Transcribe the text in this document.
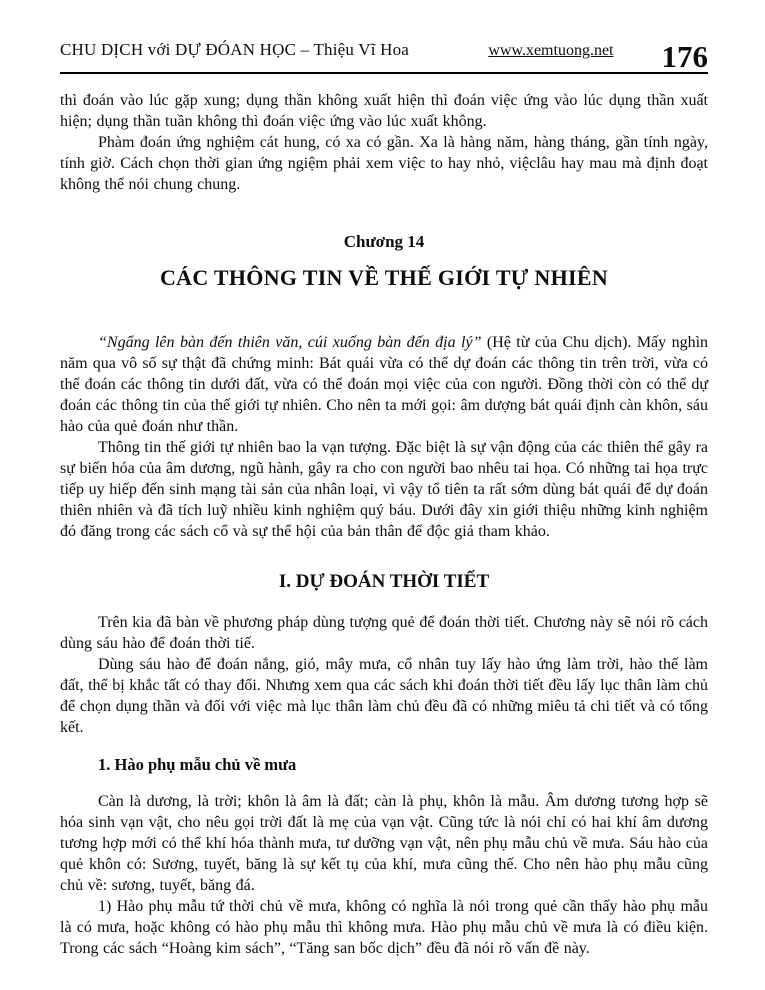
CHU DỊCH với DỰ ĐÓAN HỌC – Thiệu Vĩ Hoa	www.xemtuong.net 176

thì đoán vào lúc gặp xung; dụng thần không xuất hiện thì đoán việc ứng vào lúc dụng thần xuất hiện; dụng thần tuần không thì đoán việc ứng vào lúc xuất không.

Phàm đoán ứng nghiệm cát hung, có xa có gần. Xa là hàng năm, hàng tháng, gần tính ngày, tính giờ. Cách chọn thời gian ứng ngiệm phải xem việc to hay nhỏ, việclâu hay mau mà định đoạt không thể nói chung chung.

Chương 14

CÁC THÔNG TIN VỀ THẾ GIỚI TỰ NHIÊN

“Ngẩng lên bàn đến thiên văn, cúi xuống bàn đến địa lý” (Hệ từ của Chu dịch). Mấy nghìn năm qua vô số sự thật đã chứng minh: Bát quái vừa có thể dự đoán các thông tin trên trời, vừa có thể đoán các thông tin dưới đất, vừa có thể đoán mọi việc của con người. Đồng thời còn có thể dự đoán các thông tin của thế giới tự nhiên. Cho nên ta mới gọi: âm dượng bát quái định càn khôn, sáu hào của quẻ đoán như thần.

Thông tin thế giới tự nhiên bao la vạn tượng. Đặc biệt là sự vận động của các thiên thể gây ra sự biến hóa của âm dương, ngũ hành, gây ra cho con người bao nhêu tai họa. Có những tai họa trực tiếp uy hiếp đến sinh mạng tài sản của nhân loại, vì vậy tổ tiên ta rất sớm dùng bát quái để dự đoán thiên nhiên và đã tích luỹ nhiều kinh nghiệm quý báu. Dưới đây xin giới thiệu những kinh nghiệm đó đăng trong các sách cổ và sự thể hội của bản thân để độc giả tham khảo.

I. DỰ ĐOÁN THỜI TIẾT

Trên kia đã bàn về phương pháp dùng tượng quẻ để đoán thời tiết. Chương này sẽ nói rõ cách dùng sáu hào để đoán thời tiế.

Dùng sáu hào để đoán nắng, gió, mây mưa, cổ nhân tuy lấy hào ứng làm trời, hào thế làm đất, thể bị khắc tất có thay đổi. Nhưng xem qua các sách khi đoán thời tiết đều lấy lục thân làm chủ để chọn dụng thần và đối với việc mà lục thân làm chủ đều đã có những miêu tả chi tiết và có tổng kết.

1. Hào phụ mẫu chủ về mưa

Càn là dương, là trời; khôn là âm là đất; càn là phụ, khôn là mẫu. Âm dương tương hợp sẽ hóa sinh vạn vật, cho nêu gọi trời đất là mẹ của vạn vật. Cũng tức là nói chỉ có hai khí âm dương tương hợp mới có thể khí hóa thành mưa, tư dưỡng vạn vật, nên phụ mẫu chủ về mưa. Sáu hào của quẻ khôn có: Sương, tuyết, băng là sự kết tụ của khí, mưa cũng thế. Cho nên hào phụ mẫu cũng chủ về: sương, tuyết, băng đá.

1) Hào phụ mẫu tứ thời chủ về mưa, không có nghĩa là nói trong quẻ cần thấy hào phụ mẫu là có mưa, hoặc không có hào phụ mẫu thì không mưa. Hào phụ mẫu chủ về mưa là có điều kiện. Trong các sách “Hoàng kim sách”, “Tăng san bốc dịch” đều đã nói rõ vấn đề này.
